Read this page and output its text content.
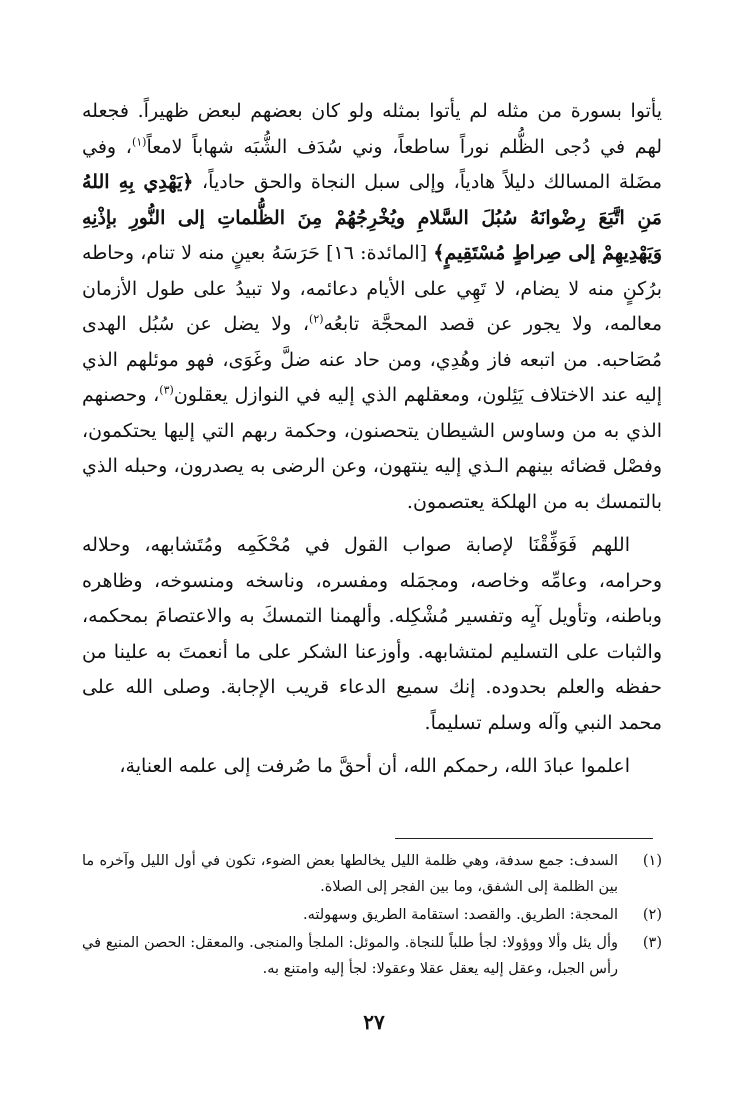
يأتوا بسورة من مثله لم يأتوا بمثله ولو كان بعضهم لبعض ظهيراً. فجعله لهم في دُجى الظُّلم نوراً ساطعاً، وني سُدَف الشُّبَه شهاباً لامعاً$^{(١)}$، وفي مضَلة المسالك دليلاً هادياً، وإلى سبل النجاة والحق حادياً، ﴿يَهْدِي بِهِ اللهُ مَنِ اتَّبَعَ رِضْوانَهُ سُبُلَ السَّلامِ ويُخْرِجُهُمْ مِنَ الظُّلماتِ إلى النُّورِ بإذْنِهِ وَيَهْدِيهِمْ إلى صِراطٍ مُسْتَقِيمٍ﴾ [المائدة: ١٦] حَرَسَهُ بعينٍ منه لا تنام، وحاطه برُكنٍ منه لا يضام، لا تَهِي على الأيام دعائمه، ولا تبيدُ على طول الأزمان معالمه، ولا يجور عن قصد المحجَّة تابعُه$^{(٢)}$، ولا يضل عن سُبُل الهدى مُصَاحبه. من اتبعه فاز وهُدِي، ومن حاد عنه ضلَّ وغَوَى، فهو موئلهم الذي إليه عند الاختلاف يَئِلون، ومعقلهم الذي إليه في النوازل يعقلون$^{(٣)}$، وحصنهم الذي به من وساوس الشيطان يتحصنون، وحكمة ربهم التي إليها يحتكمون، وفصْل قضائه بينهم الـذي إليه ينتهون، وعن الرضى به يصدرون، وحبله الذي بالتمسك به من الهلكة يعتصمون.

اللهم فَوَفِّقْنَا لإصابة صواب القول في مُحْكَمِه ومُتَشابهه، وحلاله وحرامه، وعامِّه وخاصه، ومجمَله ومفسره، وناسخه ومنسوخه، وظاهره وباطنه، وتأويل آيِه وتفسير مُشْكِله. وألهمنا التمسكَ به والاعتصامَ بمحكمه، والثبات على التسليم لمتشابهه. وأوزعنا الشكر على ما أنعمتَ به علينا من حفظه والعلم بحدوده. إنك سميع الدعاء قريب الإجابة. وصلى الله على محمد النبي وآله وسلم تسليماً.

اعلموا عبادَ الله، رحمكم الله، أن أحقَّ ما صُرفت إلى علمه العناية،

(١)
السدف: جمع سدفة، وهي ظلمة الليل يخالطها بعض الضوء، تكون في أول الليل وآخره ما بين الظلمة إلى الشفق، وما بين الفجر إلى الصلاة.
(٢)
المحجة: الطريق. والقصد: استقامة الطريق وسهولته.
(٣)
وأل يئل وألا ووؤولا: لجأ طلباً للنجاة. والموئل: الملجأ والمنجى. والمعقل: الحصن المنيع في رأس الجبل، وعقل إليه يعقل عقلا وعقولا: لجأ إليه وامتنع به.
٢٧
